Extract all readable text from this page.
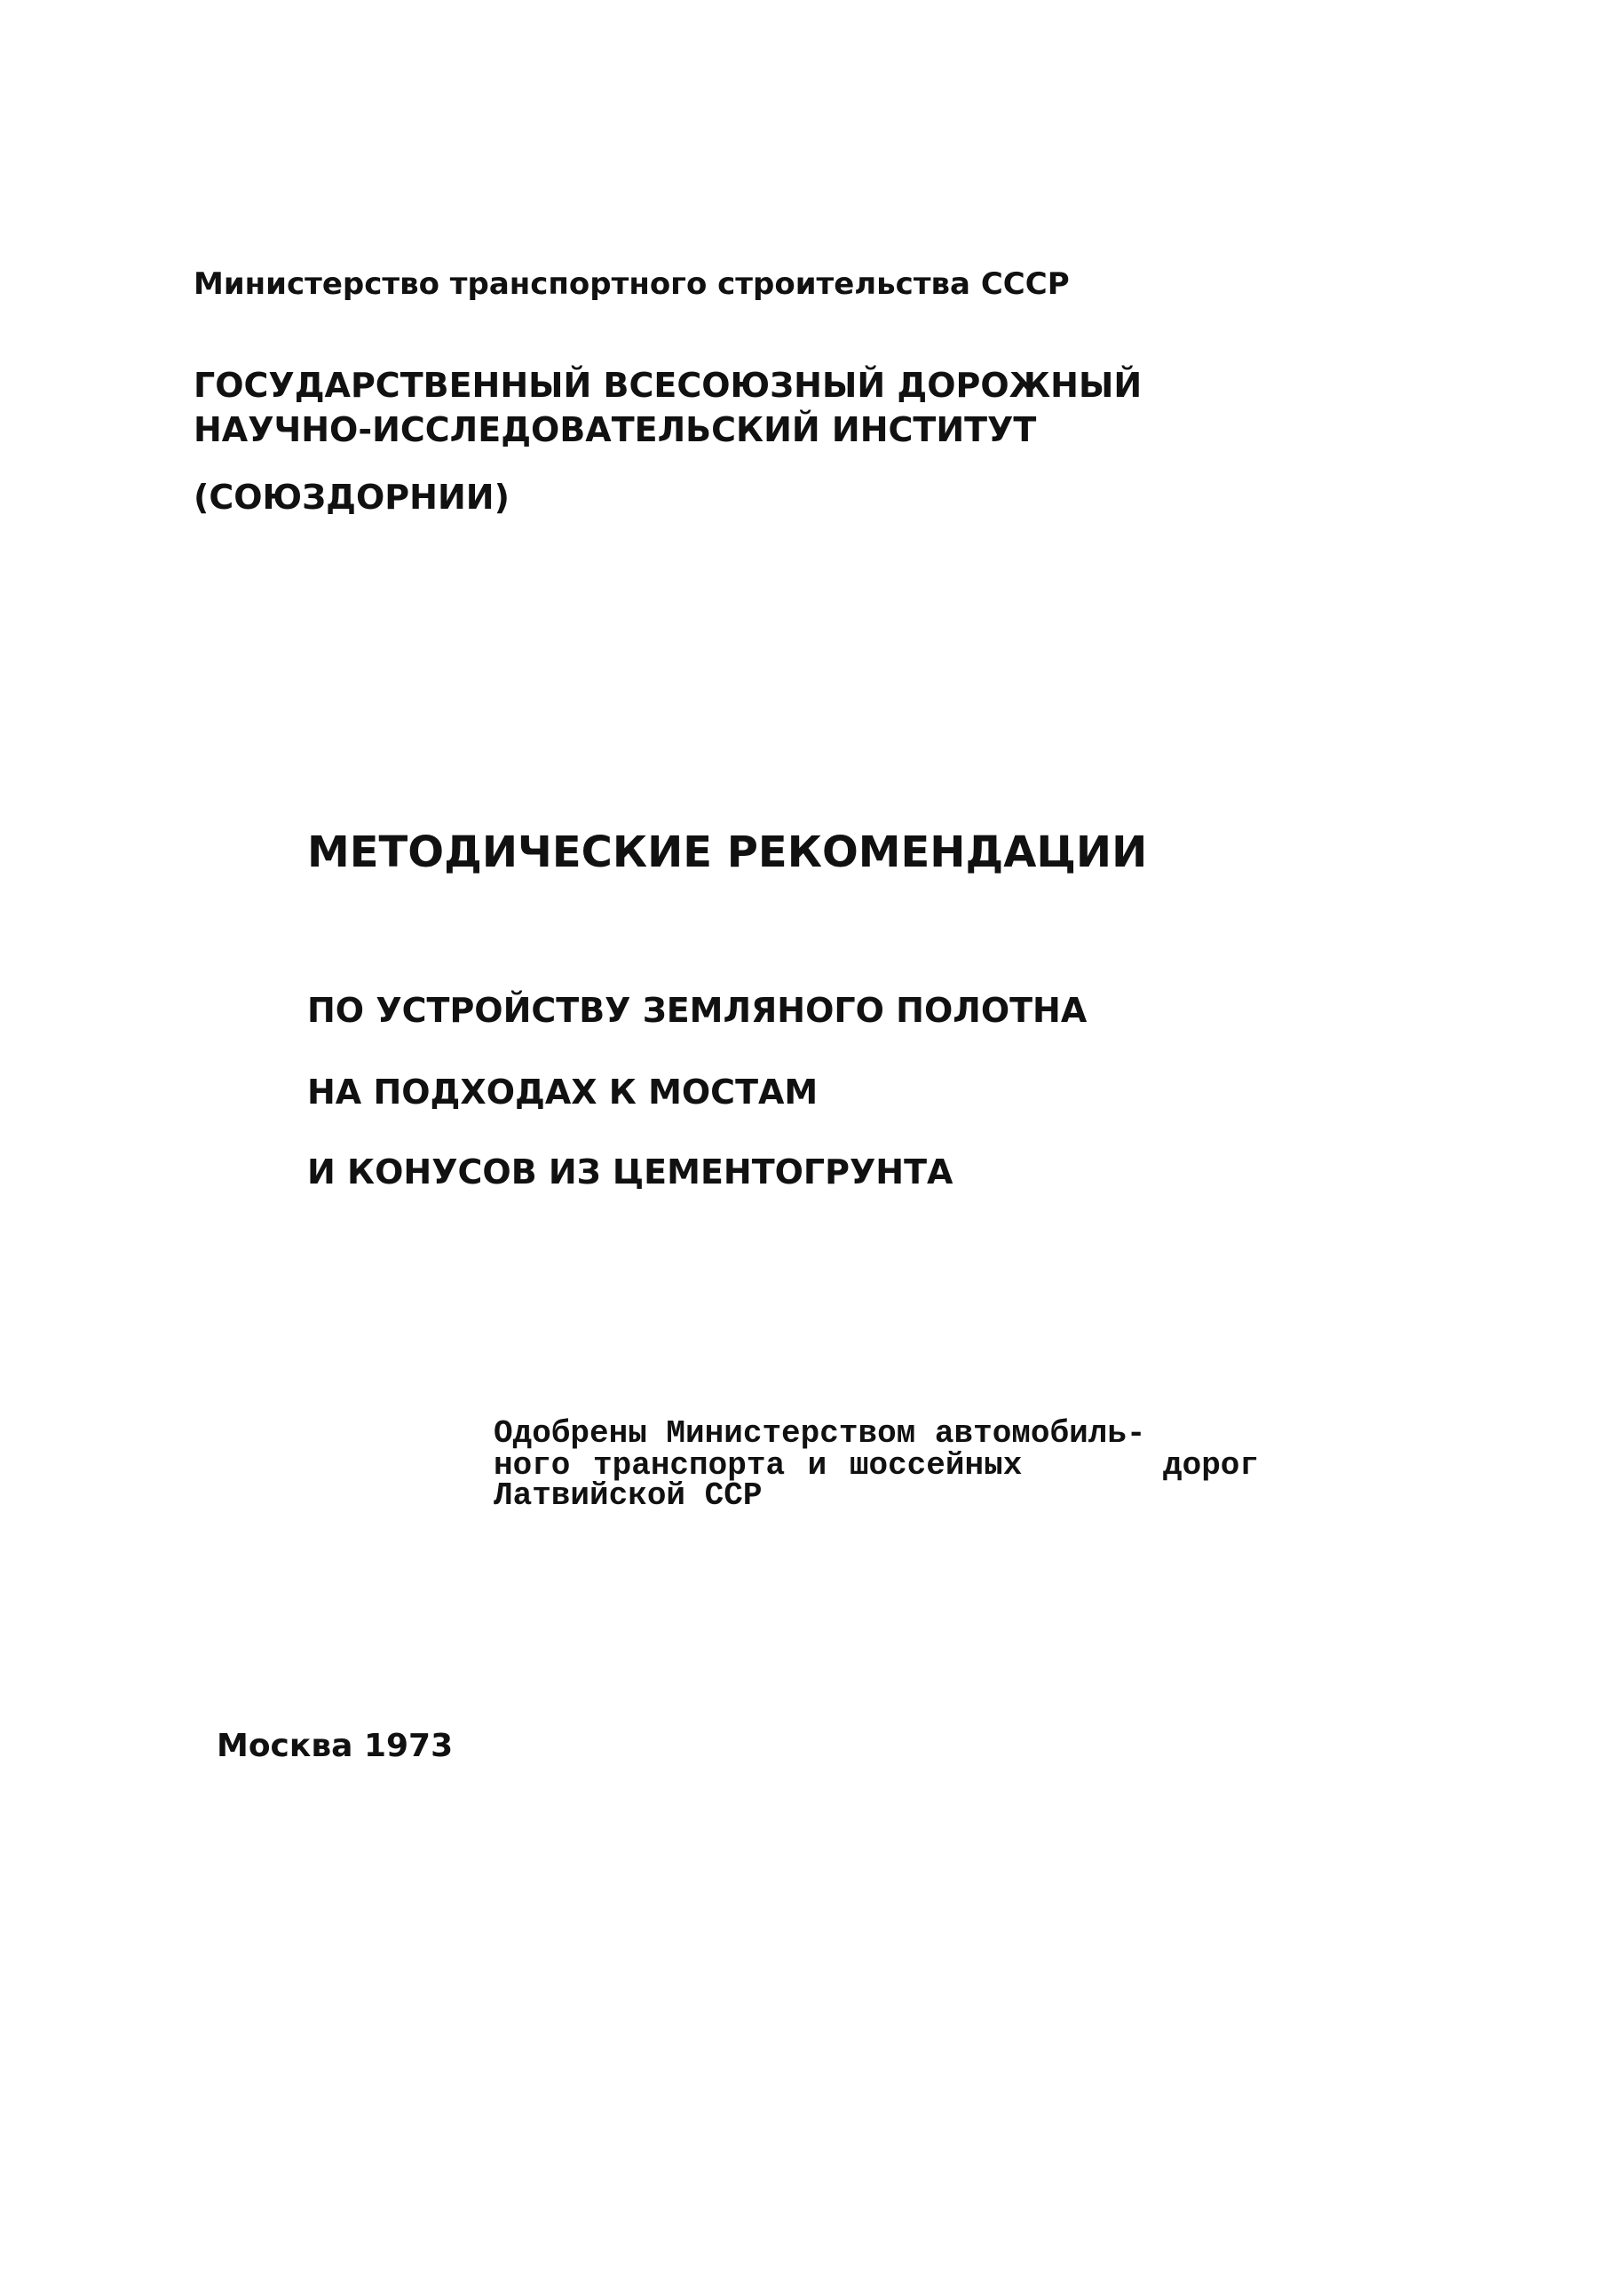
Министерство транспортного строительства СССР

ГОСУДАРСТВЕННЫЙ ВСЕСОЮЗНЫЙ ДОРОЖНЫЙ

НАУЧНО-ИССЛЕДОВАТЕЛЬСКИЙ ИНСТИТУТ

(СОЮЗДОРНИИ)

МЕТОДИЧЕСКИЕ РЕКОМЕНДАЦИИ

ПО УСТРОЙСТВУ ЗЕМЛЯНОГО ПОЛОТНА

НА ПОДХОДАХ К МОСТАМ

И КОНУСОВ ИЗ ЦЕМЕНТОГРУНТА

Одобрены Министерством автомобиль-

ного транспорта и шоссейных	дорог

Латвийской ССР

Москва 1973
